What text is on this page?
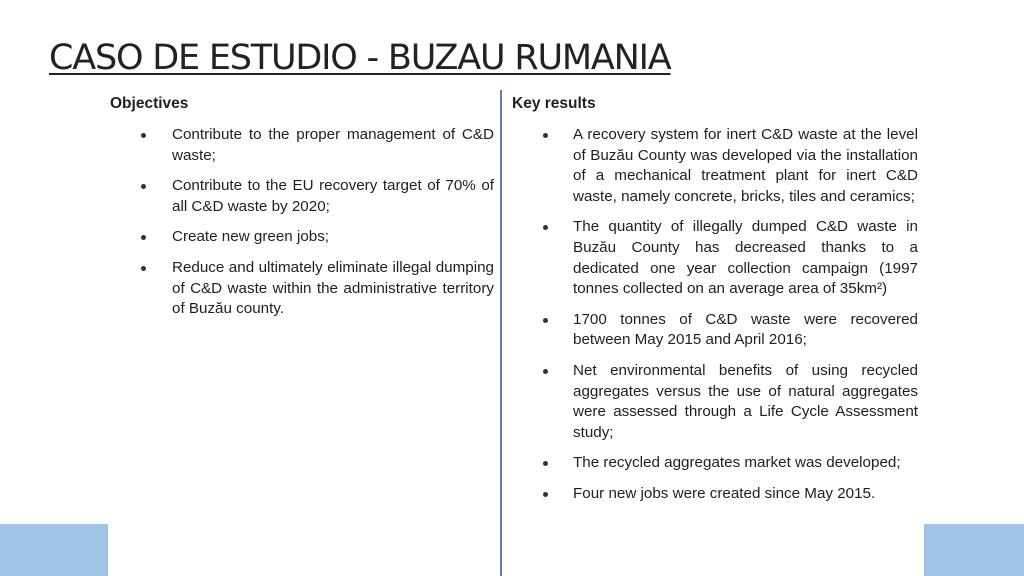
CASO DE ESTUDIO - BUZAU RUMANIA
Objectives
Contribute to the proper management of C&D waste;
Contribute to the EU recovery target of 70% of all C&D waste by 2020;
Create new green jobs;
Reduce and ultimately eliminate illegal dumping of C&D waste within the administrative territory of Buzău county.
Key results
A recovery system for inert C&D waste at the level of Buzău County was developed via the installation of a mechanical treatment plant for inert C&D waste, namely concrete, bricks, tiles and ceramics;
The quantity of illegally dumped C&D waste in Buzău County has decreased thanks to a dedicated one year collection campaign (1997 tonnes collected on an average area of 35km²)
1700 tonnes of C&D waste were recovered between May 2015 and April 2016;
Net environmental benefits of using recycled aggregates versus the use of natural aggregates were assessed through a Life Cycle Assessment study;
The recycled aggregates market was developed;
Four new jobs were created since May 2015.
